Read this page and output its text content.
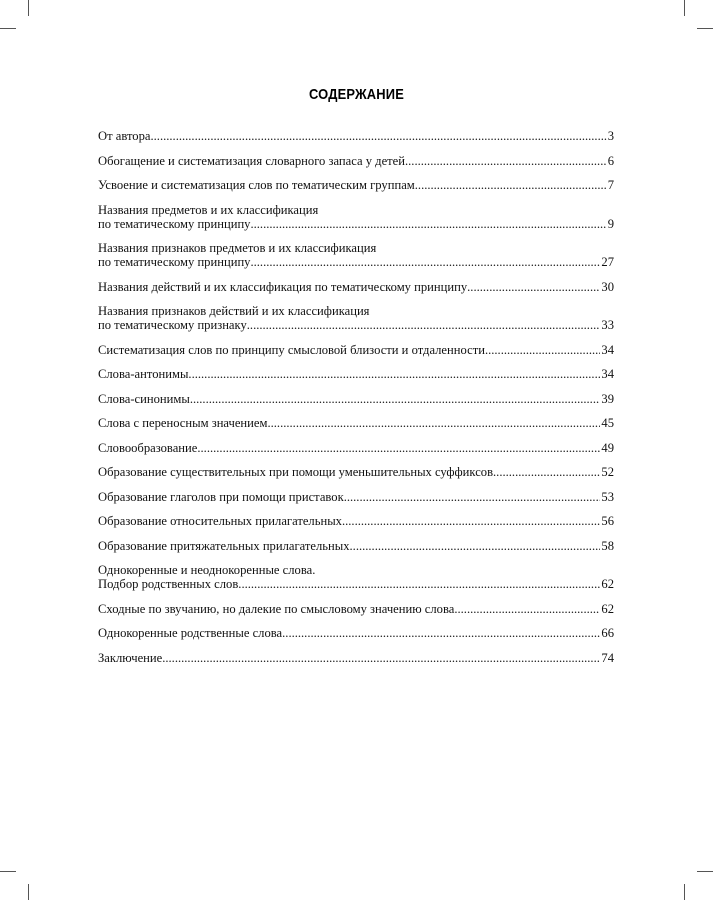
СОДЕРЖАНИЕ
От автора .....	3
Обогащение и систематизация словарного запаса у детей .....	6
Усвоение и систематизация слов по тематическим группам .....	7
Названия предметов и их классификация
по тематическому принципу .....	9
Названия признаков предметов и их классификация
по тематическому принципу .....	27
Названия действий и их классификация по тематическому принципу .....	30
Названия признаков действий и их классификация
по тематическому признаку .....	33
Систематизация слов по принципу смысловой близости и отдаленности .....	34
Слова-антонимы .....	34
Слова-синонимы .....	39
Слова с переносным значением .....	45
Словообразование .....	49
Образование существительных при помощи уменьшительных суффиксов .....	52
Образование глаголов при помощи приставок .....	53
Образование относительных прилагательных .....	56
Образование притяжательных прилагательных .....	58
Однокоренные и неоднокоренные слова.
Подбор родственных слов .....	62
Сходные по звучанию, но далекие по смысловому значению слова .....	62
Однокоренные родственные слова .....	66
Заключение .....	74
